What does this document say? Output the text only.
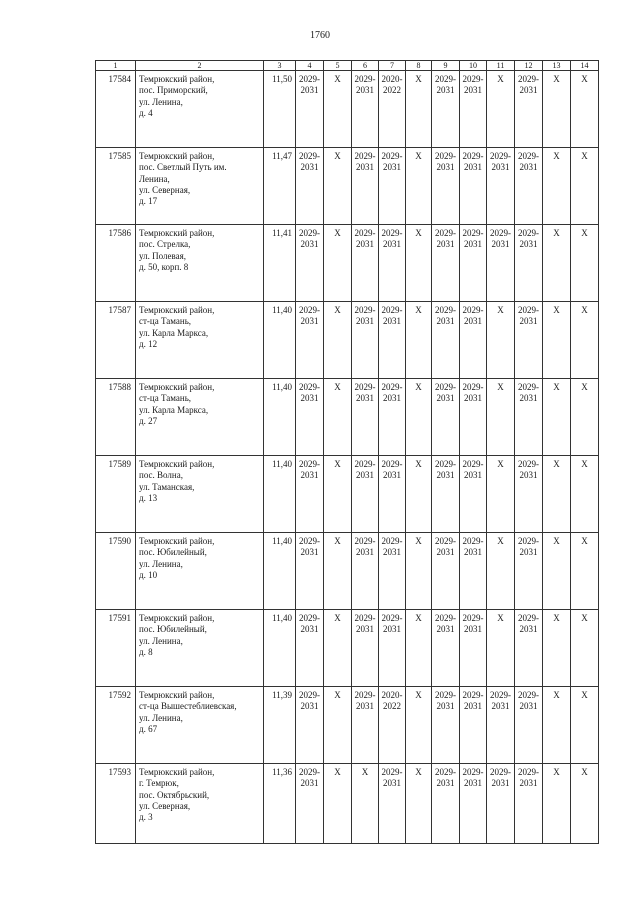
1760
1	2	3	4	5	6	7	8	9	10	11	12	13	14
17584	Темрюкский район,
пос. Приморский,
ул. Ленина,
д. 4	11,50	2029-2031	X	2029-2031	2020-2022	X	2029-2031	2029-2031	X	2029-2031	X	X
17585	Темрюкский район,
пос. Светлый Путь им.
Ленина,
ул. Северная,
д. 17	11,47	2029-2031	X	2029-2031	2029-2031	X	2029-2031	2029-2031	2029-2031	2029-2031	X	X
17586	Темрюкский район,
пос. Стрелка,
ул. Полевая,
д. 50, корп. 8	11,41	2029-2031	X	2029-2031	2029-2031	X	2029-2031	2029-2031	2029-2031	2029-2031	X	X
17587	Темрюкский район,
ст-ца Тамань,
ул. Карла Маркса,
д. 12	11,40	2029-2031	X	2029-2031	2029-2031	X	2029-2031	2029-2031	X	2029-2031	X	X
17588	Темрюкский район,
ст-ца Тамань,
ул. Карла Маркса,
д. 27	11,40	2029-2031	X	2029-2031	2029-2031	X	2029-2031	2029-2031	X	2029-2031	X	X
17589	Темрюкский район,
пос. Волна,
ул. Таманская,
д. 13	11,40	2029-2031	X	2029-2031	2029-2031	X	2029-2031	2029-2031	X	2029-2031	X	X
17590	Темрюкский район,
пос. Юбилейный,
ул. Ленина,
д. 10	11,40	2029-2031	X	2029-2031	2029-2031	X	2029-2031	2029-2031	X	2029-2031	X	X
17591	Темрюкский район,
пос. Юбилейный,
ул. Ленина,
д. 8	11,40	2029-2031	X	2029-2031	2029-2031	X	2029-2031	2029-2031	X	2029-2031	X	X
17592	Темрюкский район,
ст-ца Вышестеблиевская,
ул. Ленина,
д. 67	11,39	2029-2031	X	2029-2031	2020-2022	X	2029-2031	2029-2031	2029-2031	2029-2031	X	X
17593	Темрюкский район,
г. Темрюк,
пос. Октябрьский,
ул. Северная,
д. 3	11,36	2029-2031	X	X	2029-2031	X	2029-2031	2029-2031	2029-2031	2029-2031	X	X
